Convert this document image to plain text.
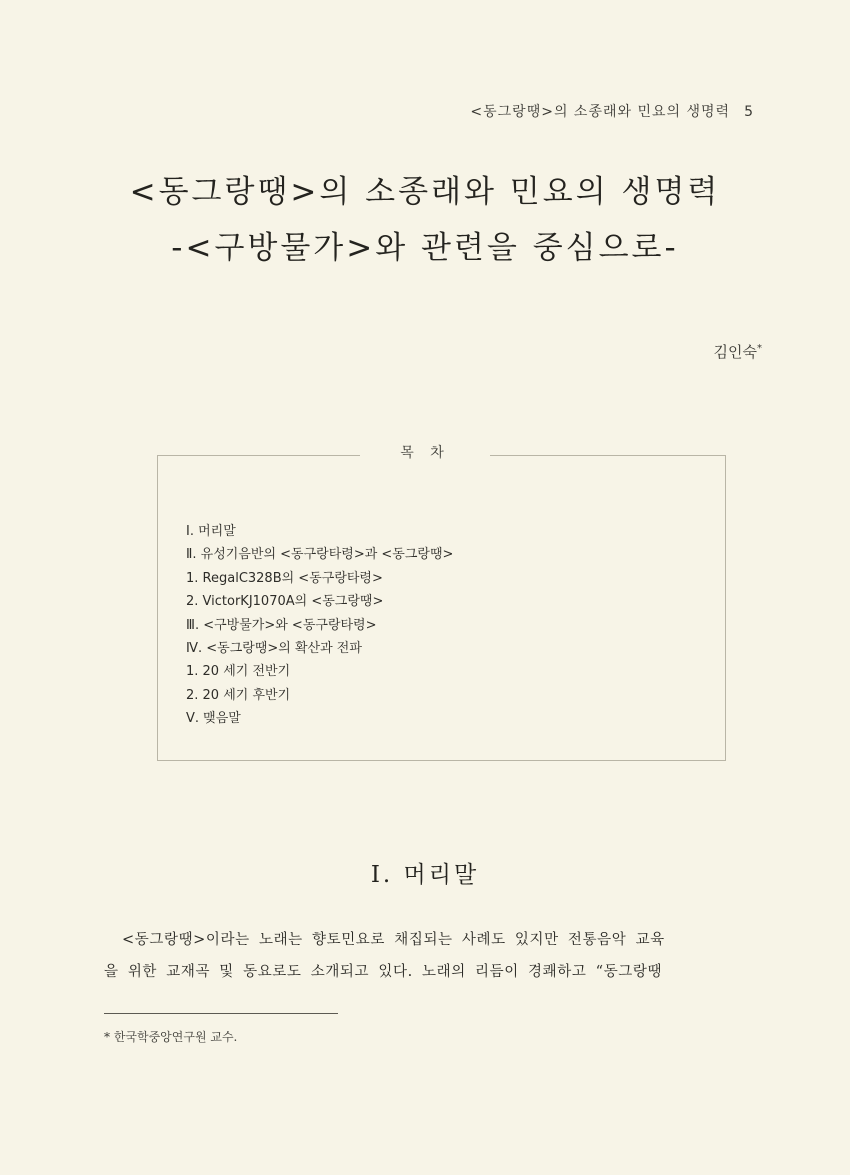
<동그랑땡>의 소종래와 민요의 생명력 5
<동그랑땡>의 소종래와 민요의 생명력
-<구방물가>와 관련을 중심으로-
김인숙*
목 차
Ⅰ. 머리말
Ⅱ. 유성기음반의 <동구랑타령>과 <동그랑땡>
1. RegalC328B의 <동구랑타령>
2. VictorKJ1070A의 <동그랑땡>
Ⅲ. <구방물가>와 <동구랑타령>
Ⅳ. <동그랑땡>의 확산과 전파
1. 20 세기 전반기
2. 20 세기 후반기
Ⅴ. 맺음말
Ⅰ. 머리말
<동그랑땡>이라는 노래는 향토민요로 채집되는 사례도 있지만 전통음악 교육
을 위한 교재곡 및 동요로도 소개되고 있다. 노래의 리듬이 경쾌하고 “동그랑땡
* 한국학중앙연구원 교수.
